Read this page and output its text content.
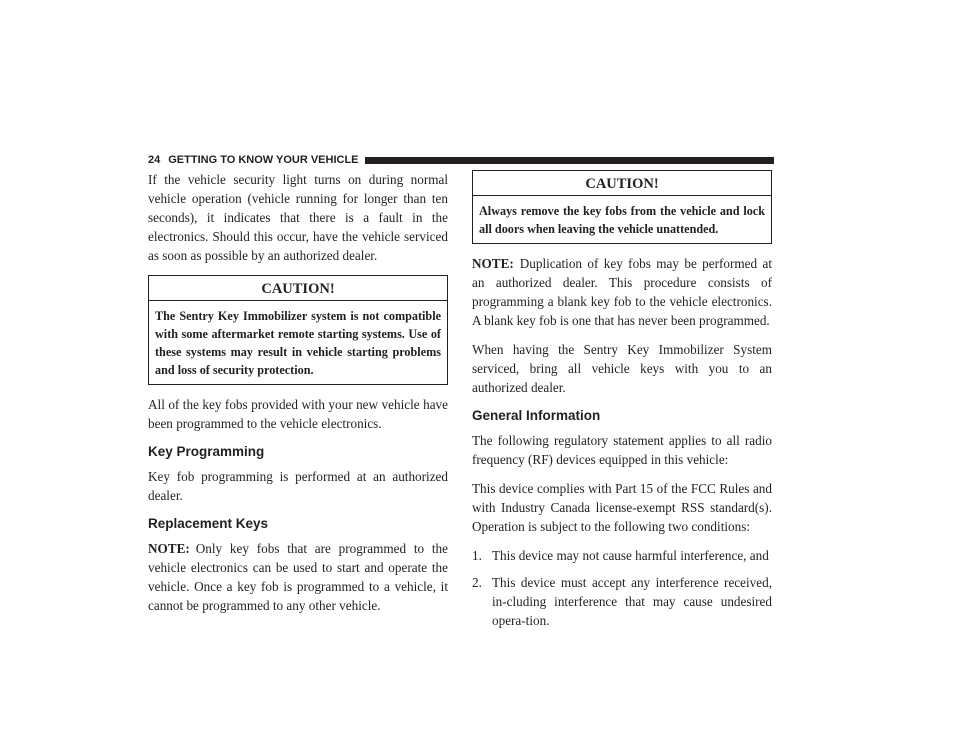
24 GETTING TO KNOW YOUR VEHICLE

If the vehicle security light turns on during normal vehicle operation (vehicle running for longer than ten seconds), it indicates that there is a fault in the electronics. Should this occur, have the vehicle serviced as soon as possible by an authorized dealer.

CAUTION!
The Sentry Key Immobilizer system is not compatible with some aftermarket remote starting systems. Use of these systems may result in vehicle starting problems and loss of security protection.

All of the key fobs provided with your new vehicle have been programmed to the vehicle electronics.

Key Programming

Key fob programming is performed at an authorized dealer.

Replacement Keys

NOTE: Only key fobs that are programmed to the vehicle electronics can be used to start and operate the vehicle. Once a key fob is programmed to a vehicle, it cannot be programmed to any other vehicle.

CAUTION!
Always remove the key fobs from the vehicle and lock all doors when leaving the vehicle unattended.

NOTE: Duplication of key fobs may be performed at an authorized dealer. This procedure consists of programming a blank key fob to the vehicle electronics. A blank key fob is one that has never been programmed.

When having the Sentry Key Immobilizer System serviced, bring all vehicle keys with you to an authorized dealer.

General Information

The following regulatory statement applies to all radio frequency (RF) devices equipped in this vehicle:

This device complies with Part 15 of the FCC Rules and with Industry Canada license-exempt RSS standard(s). Operation is subject to the following two conditions:

1. This device may not cause harmful interference, and
2. This device must accept any interference received, in-cluding interference that may cause undesired opera-tion.
